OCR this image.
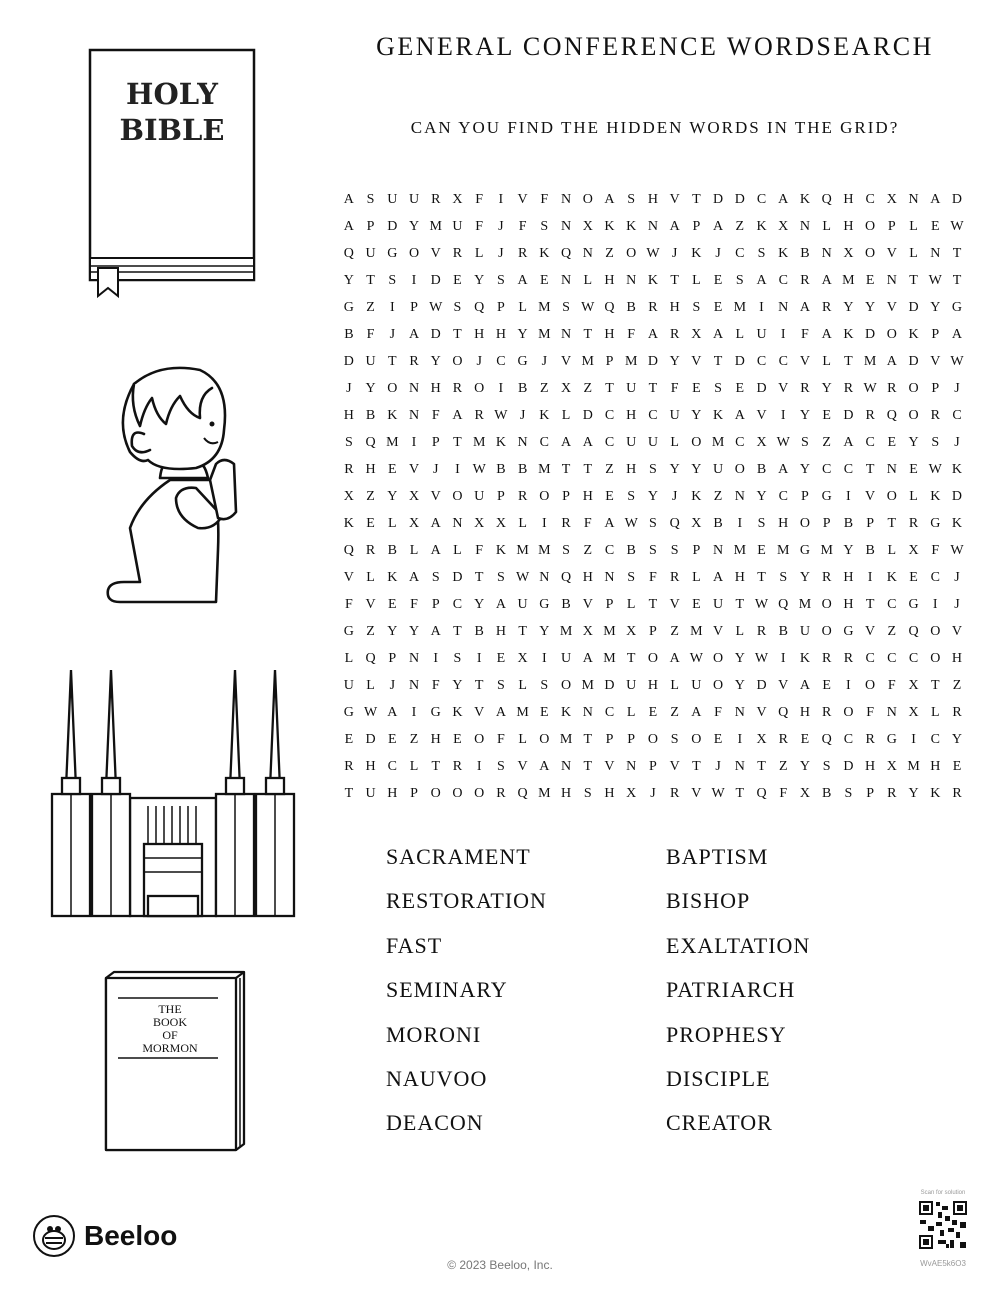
GENERAL CONFERENCE WORDSEARCH
CAN YOU FIND THE HIDDEN WORDS IN THE GRID?
HOLY
BIBLE
THE
BOOK
OF
MORMON
A S U U R X F	I	V F N O A S H V T D D C A K Q H C X N A D
A P D Y M U F	J	F S N X K K N A P A Z K X N L H O P L E W
Q U G O V R L	J	R K Q N Z O W J K J	C S K B N X O V L N T
Y T S	I	D E Y S A E N L H N K T L E S A C R A M E N T W T
G Z	I	P W S Q P L M S W Q B R H S E M I	N A R Y Y V D Y G
B F	J A D T H H Y M N T H F A R X A L U	I	F A K D O K P A
D U T R Y O J	C G J V M P M D Y V T D C C V L T M A D V W
J Y O N H R O	I	B Z X Z T U T F E S E D V R Y R W R O P	J
H B K N F A R W J K L D C H C U Y K A V	I	Y E D R Q O R C
S Q M I	P T M K N C A A C U U L O M C X W S Z A C E Y S	J
R H E V J	I W B B M T T Z H S Y Y U O B A Y C C T N E W K
X Z Y X V O U P R O P H E S Y J K Z N Y C P G	I	V O L K D
K E L X A N X X L	I	R F A W S Q X B	I	S H O P B P T R G K
Q R B L A L F K M M S Z C B S S P N M E M G M Y B L X F W
V L K A S D T S W N Q H N S F R L A H T S Y R H	I	K E C	J
F V E F P C Y A U G B V P L T V E U T W Q M O H T C G	I	J
G Z Y Y A T B H T Y M X M X P Z M V L R B U O G V Z Q O V
L Q P N	I	S	I	E X	I	U A M T O A W O Y W I	K R R C C C O H
U L	J N F Y T S L S O M D U H L U O Y D V A E	I	O F X T Z
G W A	I	G K V A M E K N C L E Z A F N V Q H R O F N X L R
E D E Z H E O F L O M T P P O S O E	I	X R E Q C R G	I	C Y
R H C L T R	I	S V A N T V N P V T	J N T Z Y S D H X M H E
T U H P O O O R Q M H S H X J	R V W T Q F X B S P R Y K R
SACRAMENT	BAPTISM
RESTORATION	BISHOP
FAST	EXALTATION
SEMINARY	PATRIARCH
MORONI	PROPHESY
NAUVOO	DISCIPLE
DEACON	CREATOR
Beeloo
Scan for solution
WvAE5k6O3
© 2023 Beeloo, Inc.
